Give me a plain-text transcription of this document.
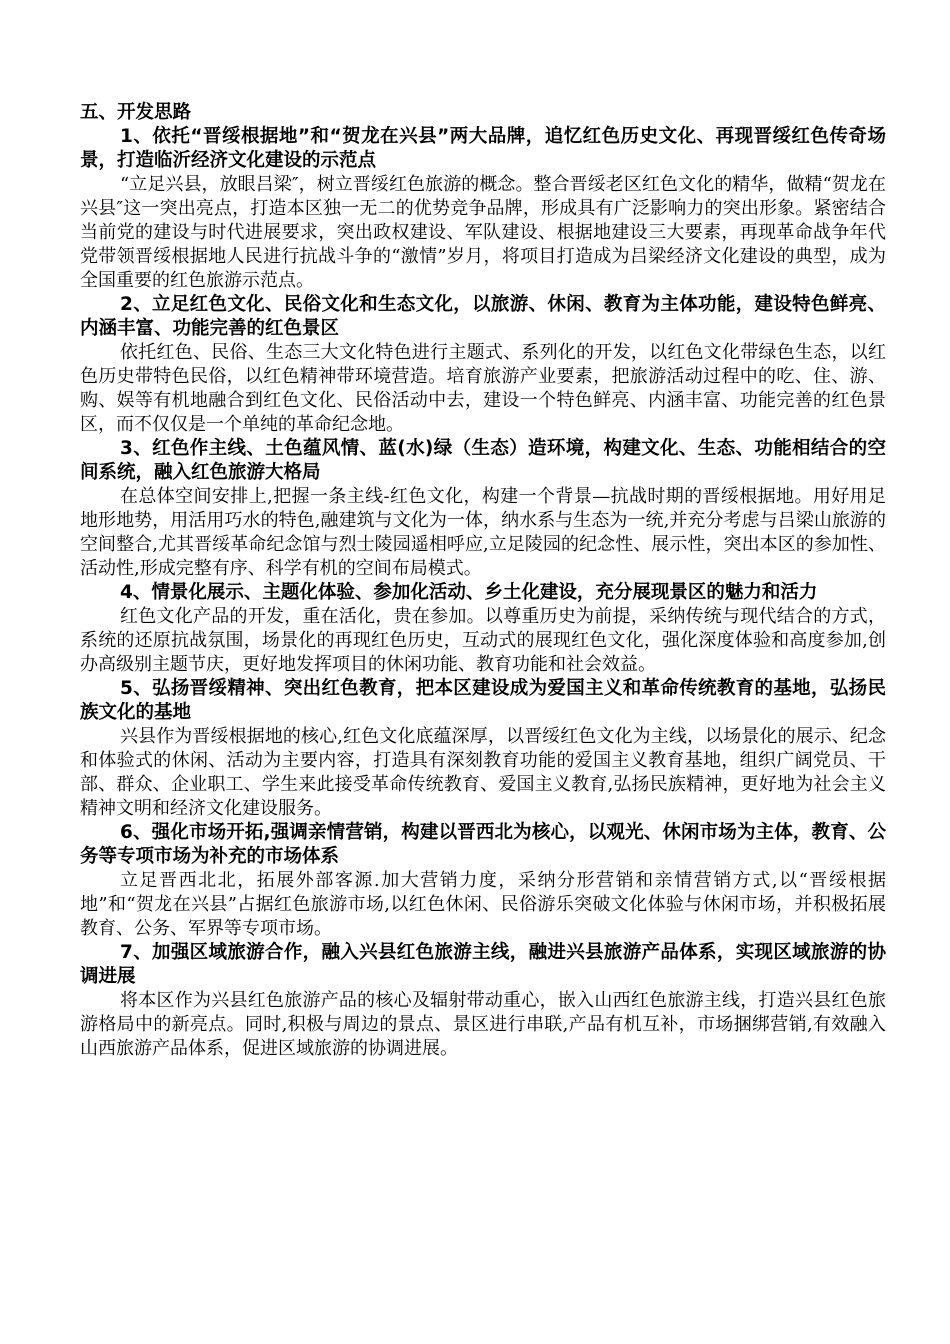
五、开发思路

1、依托“晋绥根据地”和“贺龙在兴县”两大品牌，追忆红色历史文化、再现晋绥红色传奇场景，打造临沂经济文化建设的示范点

“立足兴县，放眼吕梁″，树立晋绥红色旅游的概念。整合晋绥老区红色文化的精华，做精“贺龙在兴县″这一突出亮点，打造本区独一无二的优势竞争品牌，形成具有广泛影响力的突出形象。紧密结合当前党的建设与时代进展要求，突出政权建设、军队建设、根据地建设三大要素，再现革命战争年代党带领晋绥根据地人民进行抗战斗争的“激情”岁月，将项目打造成为吕梁经济文化建设的典型，成为全国重要的红色旅游示范点。

2、立足红色文化、民俗文化和生态文化，以旅游、休闲、教育为主体功能，建设特色鲜亮、内涵丰富、功能完善的红色景区

依托红色、民俗、生态三大文化特色进行主题式、系列化的开发，以红色文化带绿色生态，以红色历史带特色民俗，以红色精神带环境营造。培育旅游产业要素，把旅游活动过程中的吃、住、游、购、娱等有机地融合到红色文化、民俗活动中去，建设一个特色鲜亮、内涵丰富、功能完善的红色景区，而不仅仅是一个单纯的革命纪念地。

3、红色作主线、土色蕴风情、蓝(水)绿（生态）造环境，构建文化、生态、功能相结合的空间系统，融入红色旅游大格局

在总体空间安排上,把握一条主线-红色文化，构建一个背景—抗战时期的晋绥根据地。用好用足地形地势，用活用巧水的特色,融建筑与文化为一体，纳水系与生态为一统,并充分考虑与吕梁山旅游的空间整合,尤其晋绥革命纪念馆与烈士陵园遥相呼应,立足陵园的纪念性、展示性，突出本区的参加性、活动性,形成完整有序、科学有机的空间布局模式。

4、情景化展示、主题化体验、参加化活动、乡土化建设，充分展现景区的魅力和活力

红色文化产品的开发，重在活化，贵在参加。以尊重历史为前提，采纳传统与现代结合的方式，系统的还原抗战氛围，场景化的再现红色历史，互动式的展现红色文化，强化深度体验和高度参加,创办高级别主题节庆，更好地发挥项目的休闲功能、教育功能和社会效益。

5、弘扬晋绥精神、突出红色教育，把本区建设成为爱国主义和革命传统教育的基地，弘扬民族文化的基地

兴县作为晋绥根据地的核心,红色文化底蕴深厚，以晋绥红色文化为主线，以场景化的展示、纪念和体验式的休闲、活动为主要内容，打造具有深刻教育功能的爱国主义教育基地，组织广阔党员、干部、群众、企业职工、学生来此接受革命传统教育、爱国主义教育,弘扬民族精神，更好地为社会主义精神文明和经济文化建设服务。

6、强化市场开拓,强调亲情营销，构建以晋西北为核心，以观光、休闲市场为主体，教育、公务等专项市场为补充的市场体系

立足晋西北北，拓展外部客源.加大营销力度，采纳分形营销和亲情营销方式,以“晋绥根据地”和“贺龙在兴县”占据红色旅游市场,以红色休闲、民俗游乐突破文化体验与休闲市场，并积极拓展教育、公务、军界等专项市场。

7、加强区域旅游合作，融入兴县红色旅游主线，融进兴县旅游产品体系，实现区域旅游的协调进展

将本区作为兴县红色旅游产品的核心及辐射带动重心，嵌入山西红色旅游主线，打造兴县红色旅游格局中的新亮点。同时,积极与周边的景点、景区进行串联,产品有机互补，市场捆绑营销,有效融入山西旅游产品体系，促进区域旅游的协调进展。
